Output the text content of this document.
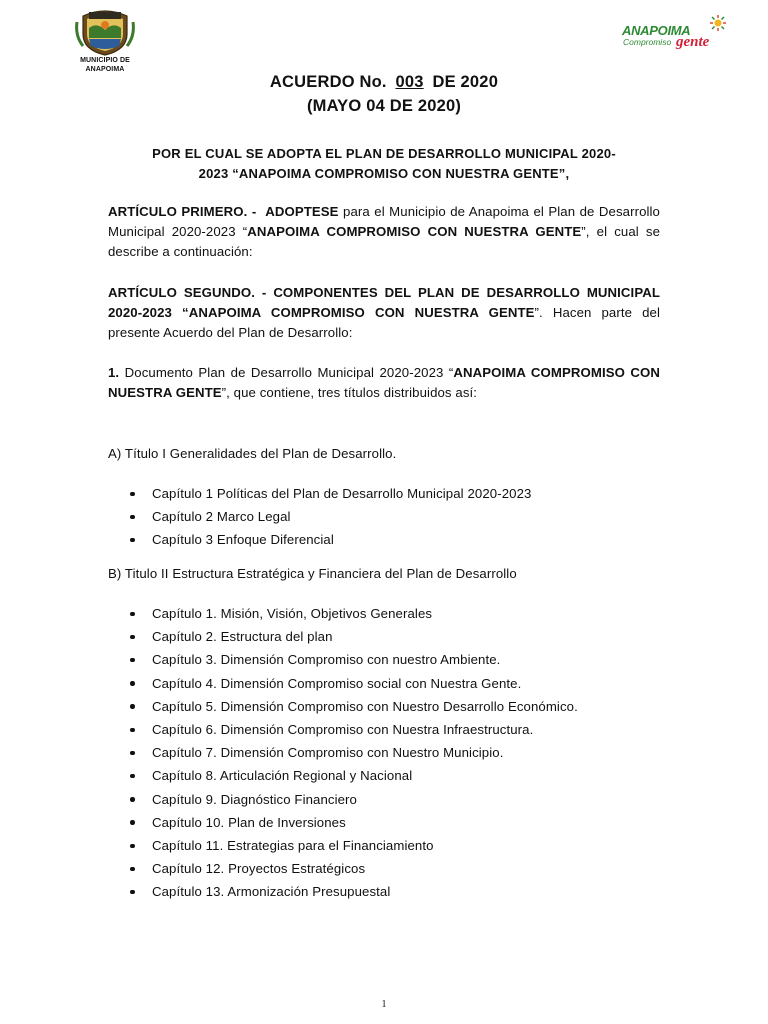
MUNICIPIO DE
ANAPOIMA
ANAPOIMA
Compromiso gente
ACUERDO No. 003 DE 2020
(MAYO 04 DE 2020)
POR EL CUAL SE ADOPTA EL PLAN DE DESARROLLO MUNICIPAL 2020-
2023 “ANAPOIMA COMPROMISO CON NUESTRA GENTE”,
ARTÍCULO PRIMERO. - ADOPTESE para el Municipio de Anapoima el Plan de Desarrollo Municipal 2020-2023 “ANAPOIMA COMPROMISO CON NUESTRA GENTE”, el cual se describe a continuación:
ARTÍCULO SEGUNDO. - COMPONENTES DEL PLAN DE DESARROLLO MUNICIPAL 2020-2023 “ANAPOIMA COMPROMISO CON NUESTRA GENTE”. Hacen parte del presente Acuerdo del Plan de Desarrollo:
1. Documento Plan de Desarrollo Municipal 2020-2023 “ANAPOIMA COMPROMISO CON NUESTRA GENTE”, que contiene, tres títulos distribuidos así:
A) Título I Generalidades del Plan de Desarrollo.
Capítulo 1 Políticas del Plan de Desarrollo Municipal 2020-2023
Capítulo 2 Marco Legal
Capítulo 3 Enfoque Diferencial
B) Titulo II Estructura Estratégica y Financiera del Plan de Desarrollo
Capítulo 1. Misión, Visión, Objetivos Generales
Capítulo 2. Estructura del plan
Capítulo 3. Dimensión Compromiso con nuestro Ambiente.
Capítulo 4. Dimensión Compromiso social con Nuestra Gente.
Capítulo 5. Dimensión Compromiso con Nuestro Desarrollo Económico.
Capítulo 6. Dimensión Compromiso con Nuestra Infraestructura.
Capítulo 7. Dimensión Compromiso con Nuestro Municipio.
Capítulo 8. Articulación Regional y Nacional
Capítulo 9. Diagnóstico Financiero
Capítulo 10. Plan de Inversiones
Capítulo 11. Estrategias para el Financiamiento
Capítulo 12. Proyectos Estratégicos
Capítulo 13. Armonización Presupuestal
1
